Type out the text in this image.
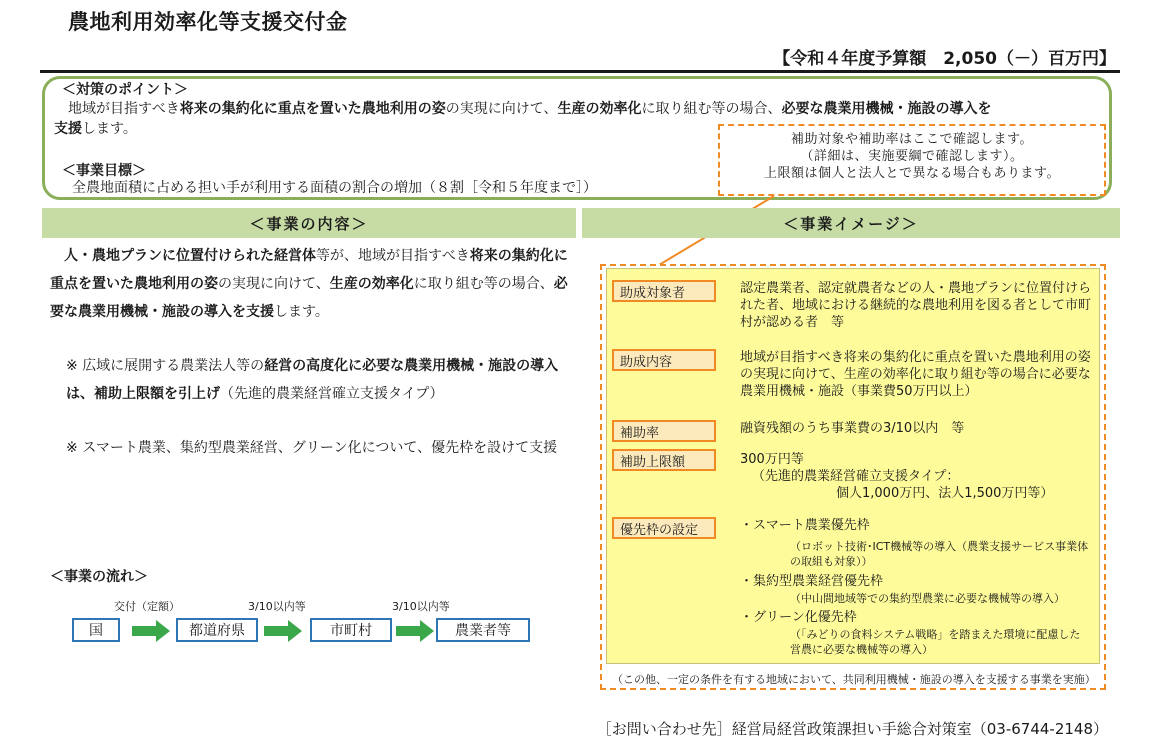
農地利用効率化等支援交付金
【令和４年度予算額　2,050（－）百万円】
＜対策のポイント＞
地域が目指すべき将来の集約化に重点を置いた農地利用の姿の実現に向けて、生産の効率化に取り組む等の場合、必要な農業用機械・施設の導入を
支援します。
＜事業目標＞
全農地面積に占める担い手が利用する面積の割合の増加（８割［令和５年度まで］）
補助対象や補助率はここで確認します。
（詳細は、実施要綱で確認します）。
上限額は個人と法人とで異なる場合もあります。
＜事業の内容＞	＜事業イメージ＞
人・農地プランに位置付けられた経営体等が、地域が目指すべき将来の集約化に重点を置いた農地利用の姿の実現に向けて、生産の効率化に取り組む等の場合、必要な農業用機械・施設の導入を支援します。
※ 広域に展開する農業法人等の経営の高度化に必要な農業用機械・施設の導入は、補助上限額を引上げ（先進的農業経営確立支援タイプ）
※ スマート農業、集約型農業経営、グリーン化について、優先枠を設けて支援
＜事業の流れ＞
交付（定額）	3/10以内等	3/10以内等
国	都道府県	市町村	農業者等
助成対象者	認定農業者、認定就農者などの人・農地プランに位置付けられた者、地域における継続的な農地利用を図る者として市町村が認める者　等
助成内容	地域が目指すべき将来の集約化に重点を置いた農地利用の姿の実現に向けて、生産の効率化に取り組む等の場合に必要な農業用機械・施設（事業費50万円以上）
補助率	融資残額のうち事業費の3/10以内　等
補助上限額	300万円等
（先進的農業経営確立支援タイプ：
個人1,000万円、法人1,500万円等）
優先枠の設定	・スマート農業優先枠
（ロボット技術･ICT機械等の導入（農業支援サービス事業体の取組も対象））
・集約型農業経営優先枠
（中山間地域等での集約型農業に必要な機械等の導入）
・グリーン化優先枠
（「みどりの食料システム戦略」を踏まえた環境に配慮した営農に必要な機械等の導入）
（この他、一定の条件を有する地域において、共同利用機械・施設の導入を支援する事業を実施）
［お問い合わせ先］経営局経営政策課担い手総合対策室（03-6744-2148）
